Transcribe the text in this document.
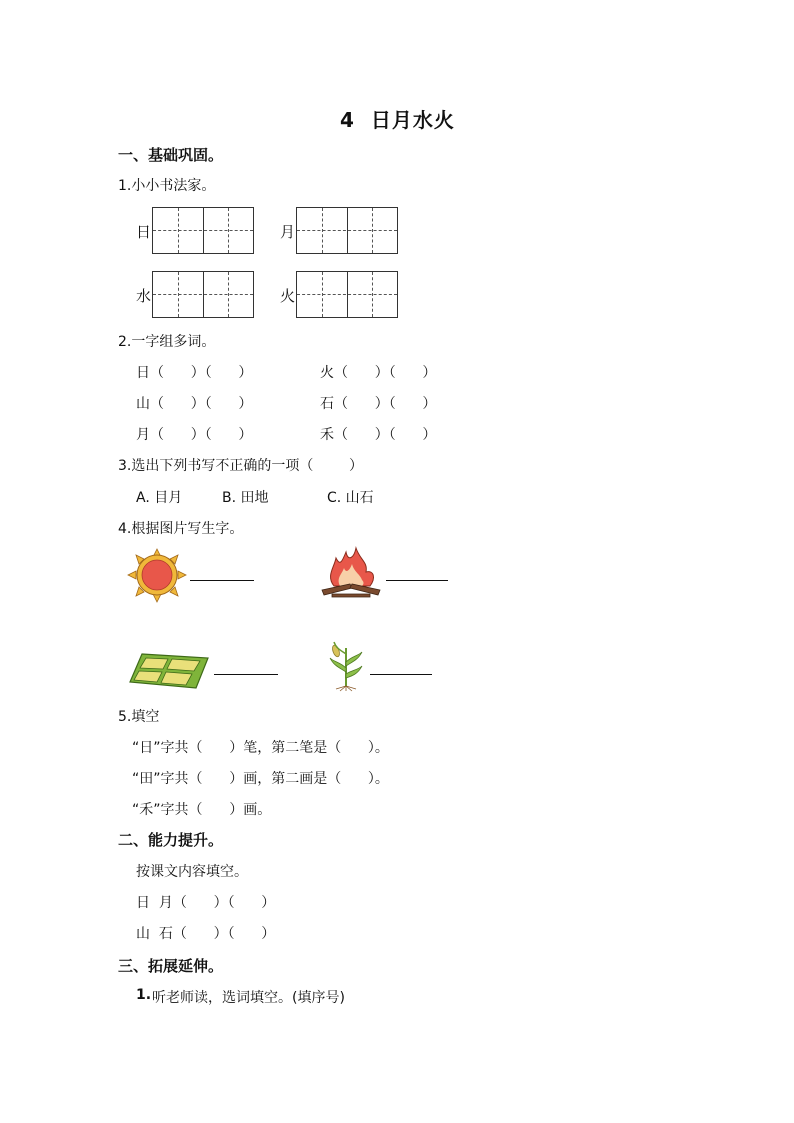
4  日月水火
一、基础巩固。
1.小小书法家。
日	月
水	火
2.一字组多词。
日（      ）（      ）	火（      ）（      ）
山（      ）（      ）	石（      ）（      ）
月（      ）（      ）	禾（      ）（      ）
3.选出下列书写不正确的一项（        ）
A. 目月	B. 田地	C. 山石
4.根据图片写生字。
5.填空
“日”字共（      ）笔，第二笔是（      ）。
“田”字共（      ）画，第二画是（      ）。
“禾”字共（      ）画。
二、能力提升。
按课文内容填空。
日  月（      ）（      ）
山  石（      ）（      ）
三、拓展延伸。
1. 听老师读，选词填空。(填序号)
